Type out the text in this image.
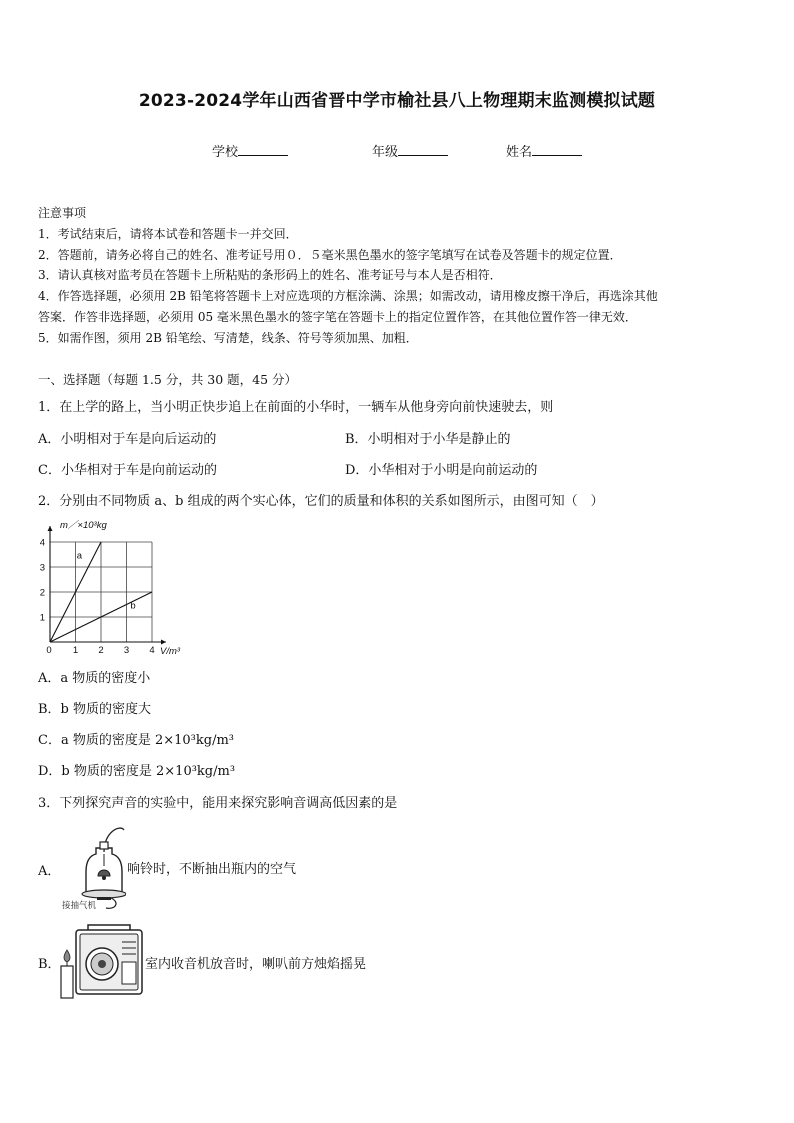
2023-2024学年山西省晋中学市榆社县八上物理期末监测模拟试题
学校	年级	姓名
注意事项
1．考试结束后，请将本试卷和答题卡一并交回．
2．答题前，请务必将自己的姓名、准考证号用０．５毫米黑色墨水的签字笔填写在试卷及答题卡的规定位置．
3．请认真核对监考员在答题卡上所粘贴的条形码上的姓名、准考证号与本人是否相符．
4．作答选择题，必须用 2B 铅笔将答题卡上对应选项的方框涂满、涂黑；如需改动，请用橡皮擦干净后，再选涂其他
答案．作答非选择题，必须用 05 毫米黑色墨水的签字笔在答题卡上的指定位置作答，在其他位置作答一律无效．
5．如需作图，须用 2B 铅笔绘、写清楚，线条、符号等须加黑、加粗．
一、选择题（每题 1.5 分，共 30 题，45 分）
1．在上学的路上，当小明正快步追上在前面的小华时，一辆车从他身旁向前快速驶去，则
A．小明相对于车是向后运动的	B．小明相对于小华是静止的
C．小华相对于车是向前运动的	D．小华相对于小明是向前运动的
2．分别由不同物质 a、b 组成的两个实心体，它们的质量和体积的关系如图所示，由图可知（　）
a
b
0 1 2 3 4
1
2
3
4
m／×10³kg
V/m³
A．a 物质的密度小
B．b 物质的密度大
C．a 物质的密度是 2×10³kg/m³
D．b 物质的密度是 2×10³kg/m³
3．下列探究声音的实验中，能用来探究影响音调高低因素的是
A．
接抽气机
响铃时，不断抽出瓶内的空气
B．	室内收音机放音时，喇叭前方烛焰摇晃
